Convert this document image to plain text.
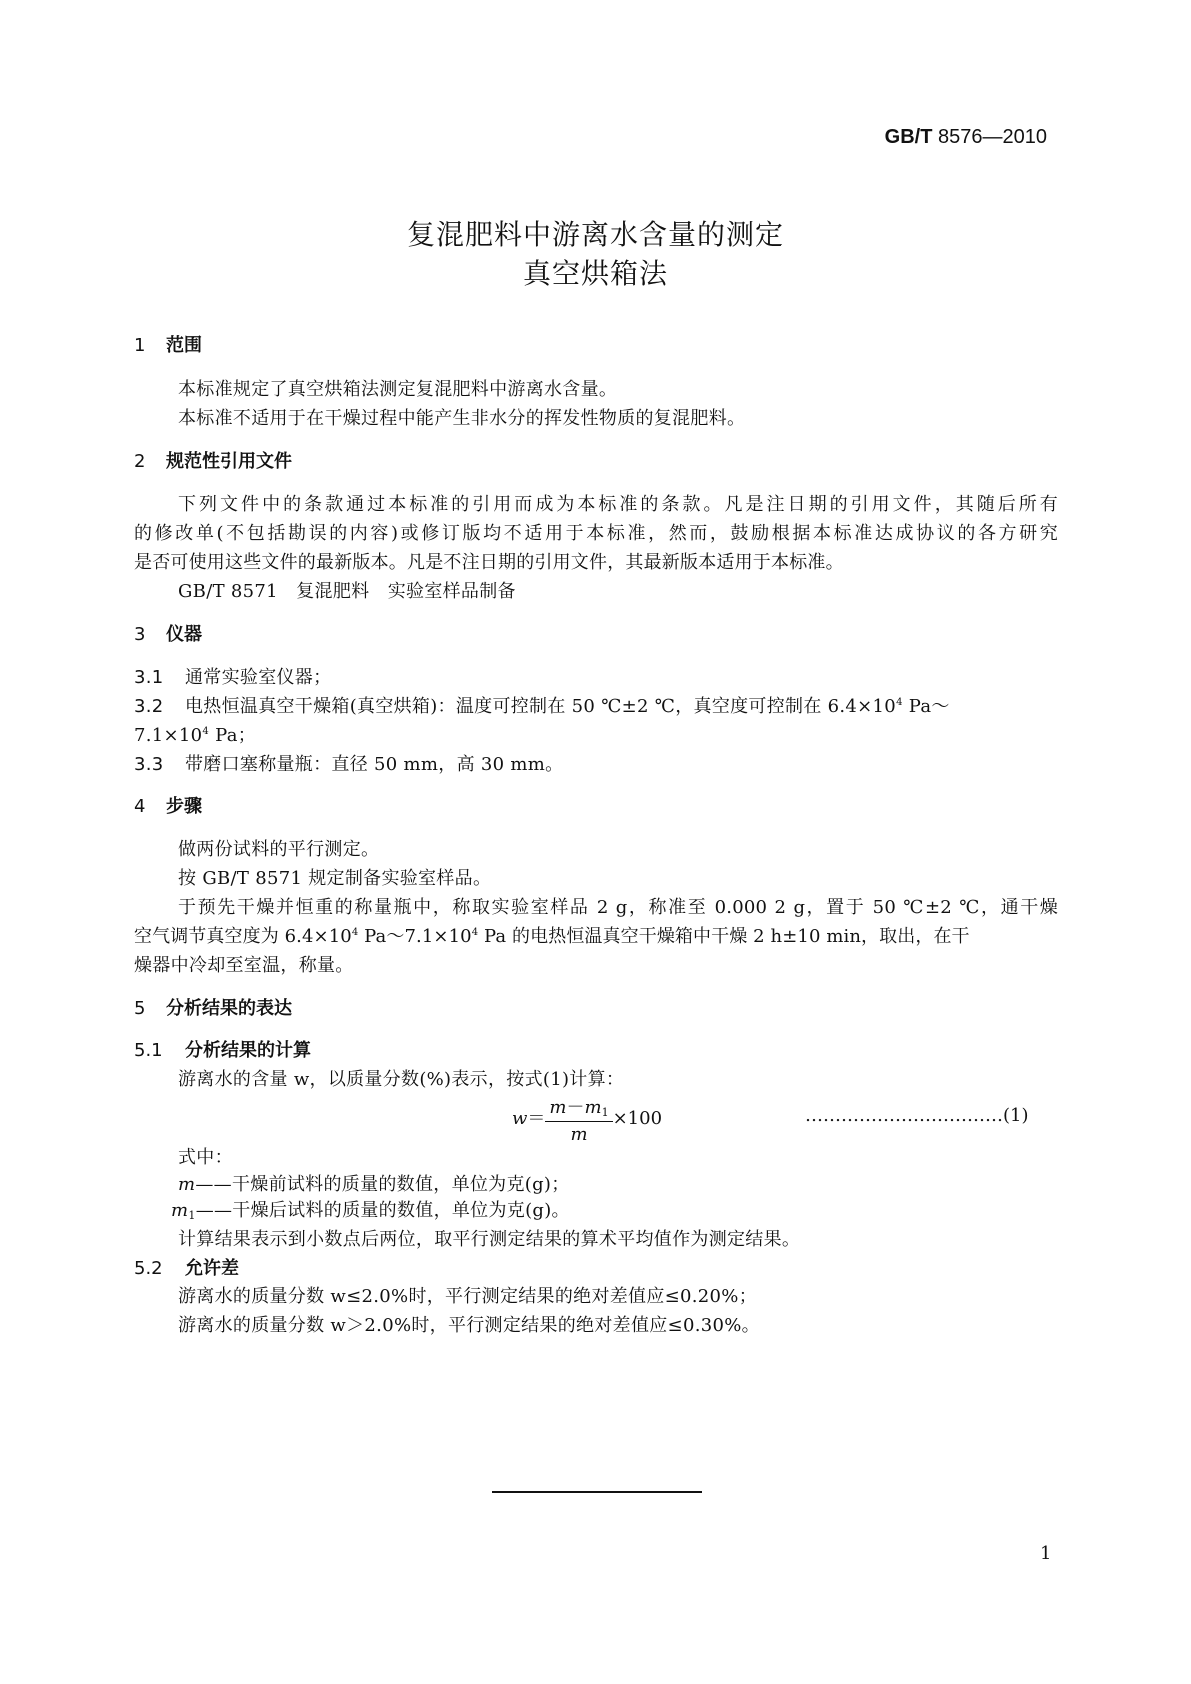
GB/T 8576—2010
复混肥料中游离水含量的测定
真空烘箱法
1 范围
本标准规定了真空烘箱法测定复混肥料中游离水含量。
本标准不适用于在干燥过程中能产生非水分的挥发性物质的复混肥料。
2 规范性引用文件
下列文件中的条款通过本标准的引用而成为本标准的条款。凡是注日期的引用文件，其随后所有
的修改单(不包括勘误的内容)或修订版均不适用于本标准，然而，鼓励根据本标准达成协议的各方研究
是否可使用这些文件的最新版本。凡是不注日期的引用文件，其最新版本适用于本标准。
GB/T 8571　 复混肥料　实验室样品制备
3 仪器
3.1 通常实验室仪器；
3.2 电热恒温真空干燥箱(真空烘箱)：温度可控制在 50 ℃±2 ℃，真空度可控制在 $6.4\times 10^4$ Pa～
$7.1\times 10^4$ Pa；
3.3 带磨口塞称量瓶：直径 50 mm，高 30 mm。
4 步骤
做两份试料的平行测定。
按 GB/T 8571 规定制备实验室样品。
于预先干燥并恒重的称量瓶中，称取实验室样品 2 g，称准至 0.000 2 g，置于 50 ℃±2 ℃，通干燥
空气调节真空度为 $6.4\times 10^4$ $Pa\sim 7.1\times 10^4$ Pa 的电热恒温真空干燥箱中干燥 2 h±10 min，取出，在干
燥器中冷却至室温，称量。
5 分析结果的表达
5.1 分析结果的计算
游离水的含量 w，以质量分数(%)表示，按式(1)计算：
$w= \frac{m-m_1}{m} \times 100$	……………………………(1)
式中：
m——干燥前试料的质量的数值，单位为克(g)；
$m_1——$干燥后试料的质量的数值，单位为克(g)。
计算结果表示到小数点后两位，取平行测定结果的算术平均值作为测定结果。
5.2 允许差
游离水的质量分数 w≤2.0%时，平行测定结果的绝对差值应≤0.20%；
游离水的质量分数 w＞2.0%时，平行测定结果的绝对差值应≤0.30%。
1
